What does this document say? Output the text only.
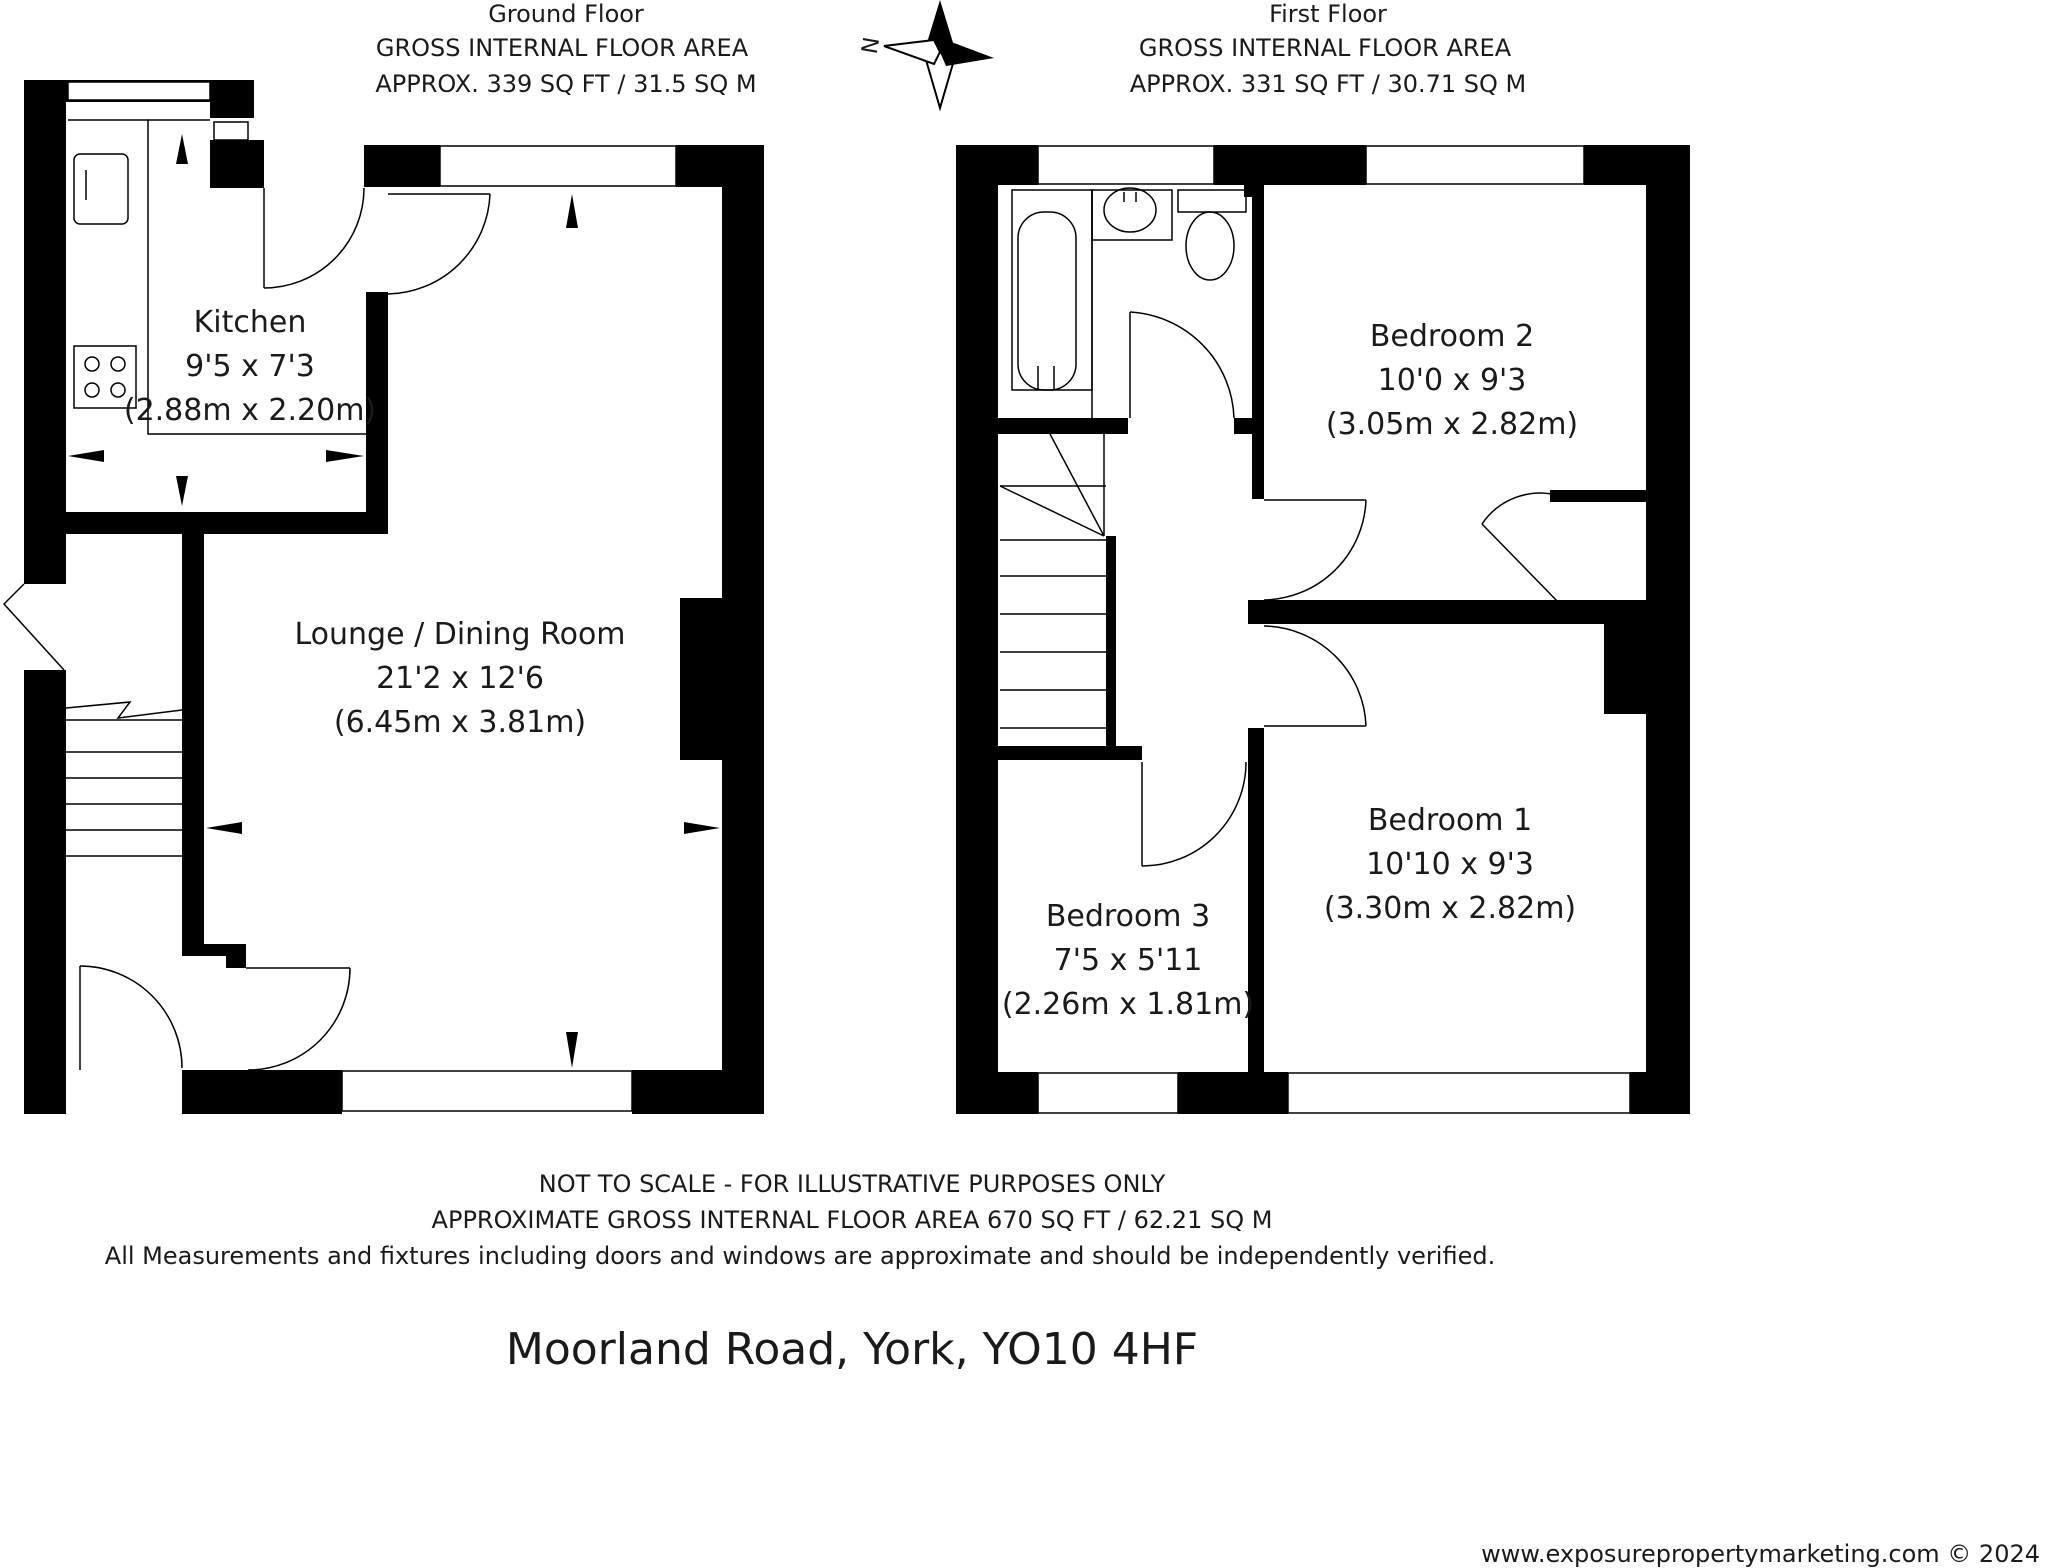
Ground Floor
GROSS INTERNAL FLOOR AREA
APPROX. 339 SQ FT / 31.5 SQ M
First Floor
GROSS INTERNAL FLOOR AREA
APPROX. 331 SQ FT / 30.71 SQ M
N
Kitchen
9'5 x 7'3
(2.88m x 2.20m)
Lounge / Dining Room
21'2 x 12'6
(6.45m x 3.81m)
Bedroom 2
10'0 x 9'3
(3.05m x 2.82m)
Bedroom 1
10'10 x 9'3
(3.30m x 2.82m)
Bedroom 3
7'5 x 5'11
(2.26m x 1.81m)
NOT TO SCALE - FOR ILLUSTRATIVE PURPOSES ONLY
APPROXIMATE GROSS INTERNAL FLOOR AREA 670 SQ FT / 62.21 SQ M
All Measurements and fixtures including doors and windows are approximate and should be independently verified.
Moorland Road, York, YO10 4HF
www.exposurepropertymarketing.com © 2024
